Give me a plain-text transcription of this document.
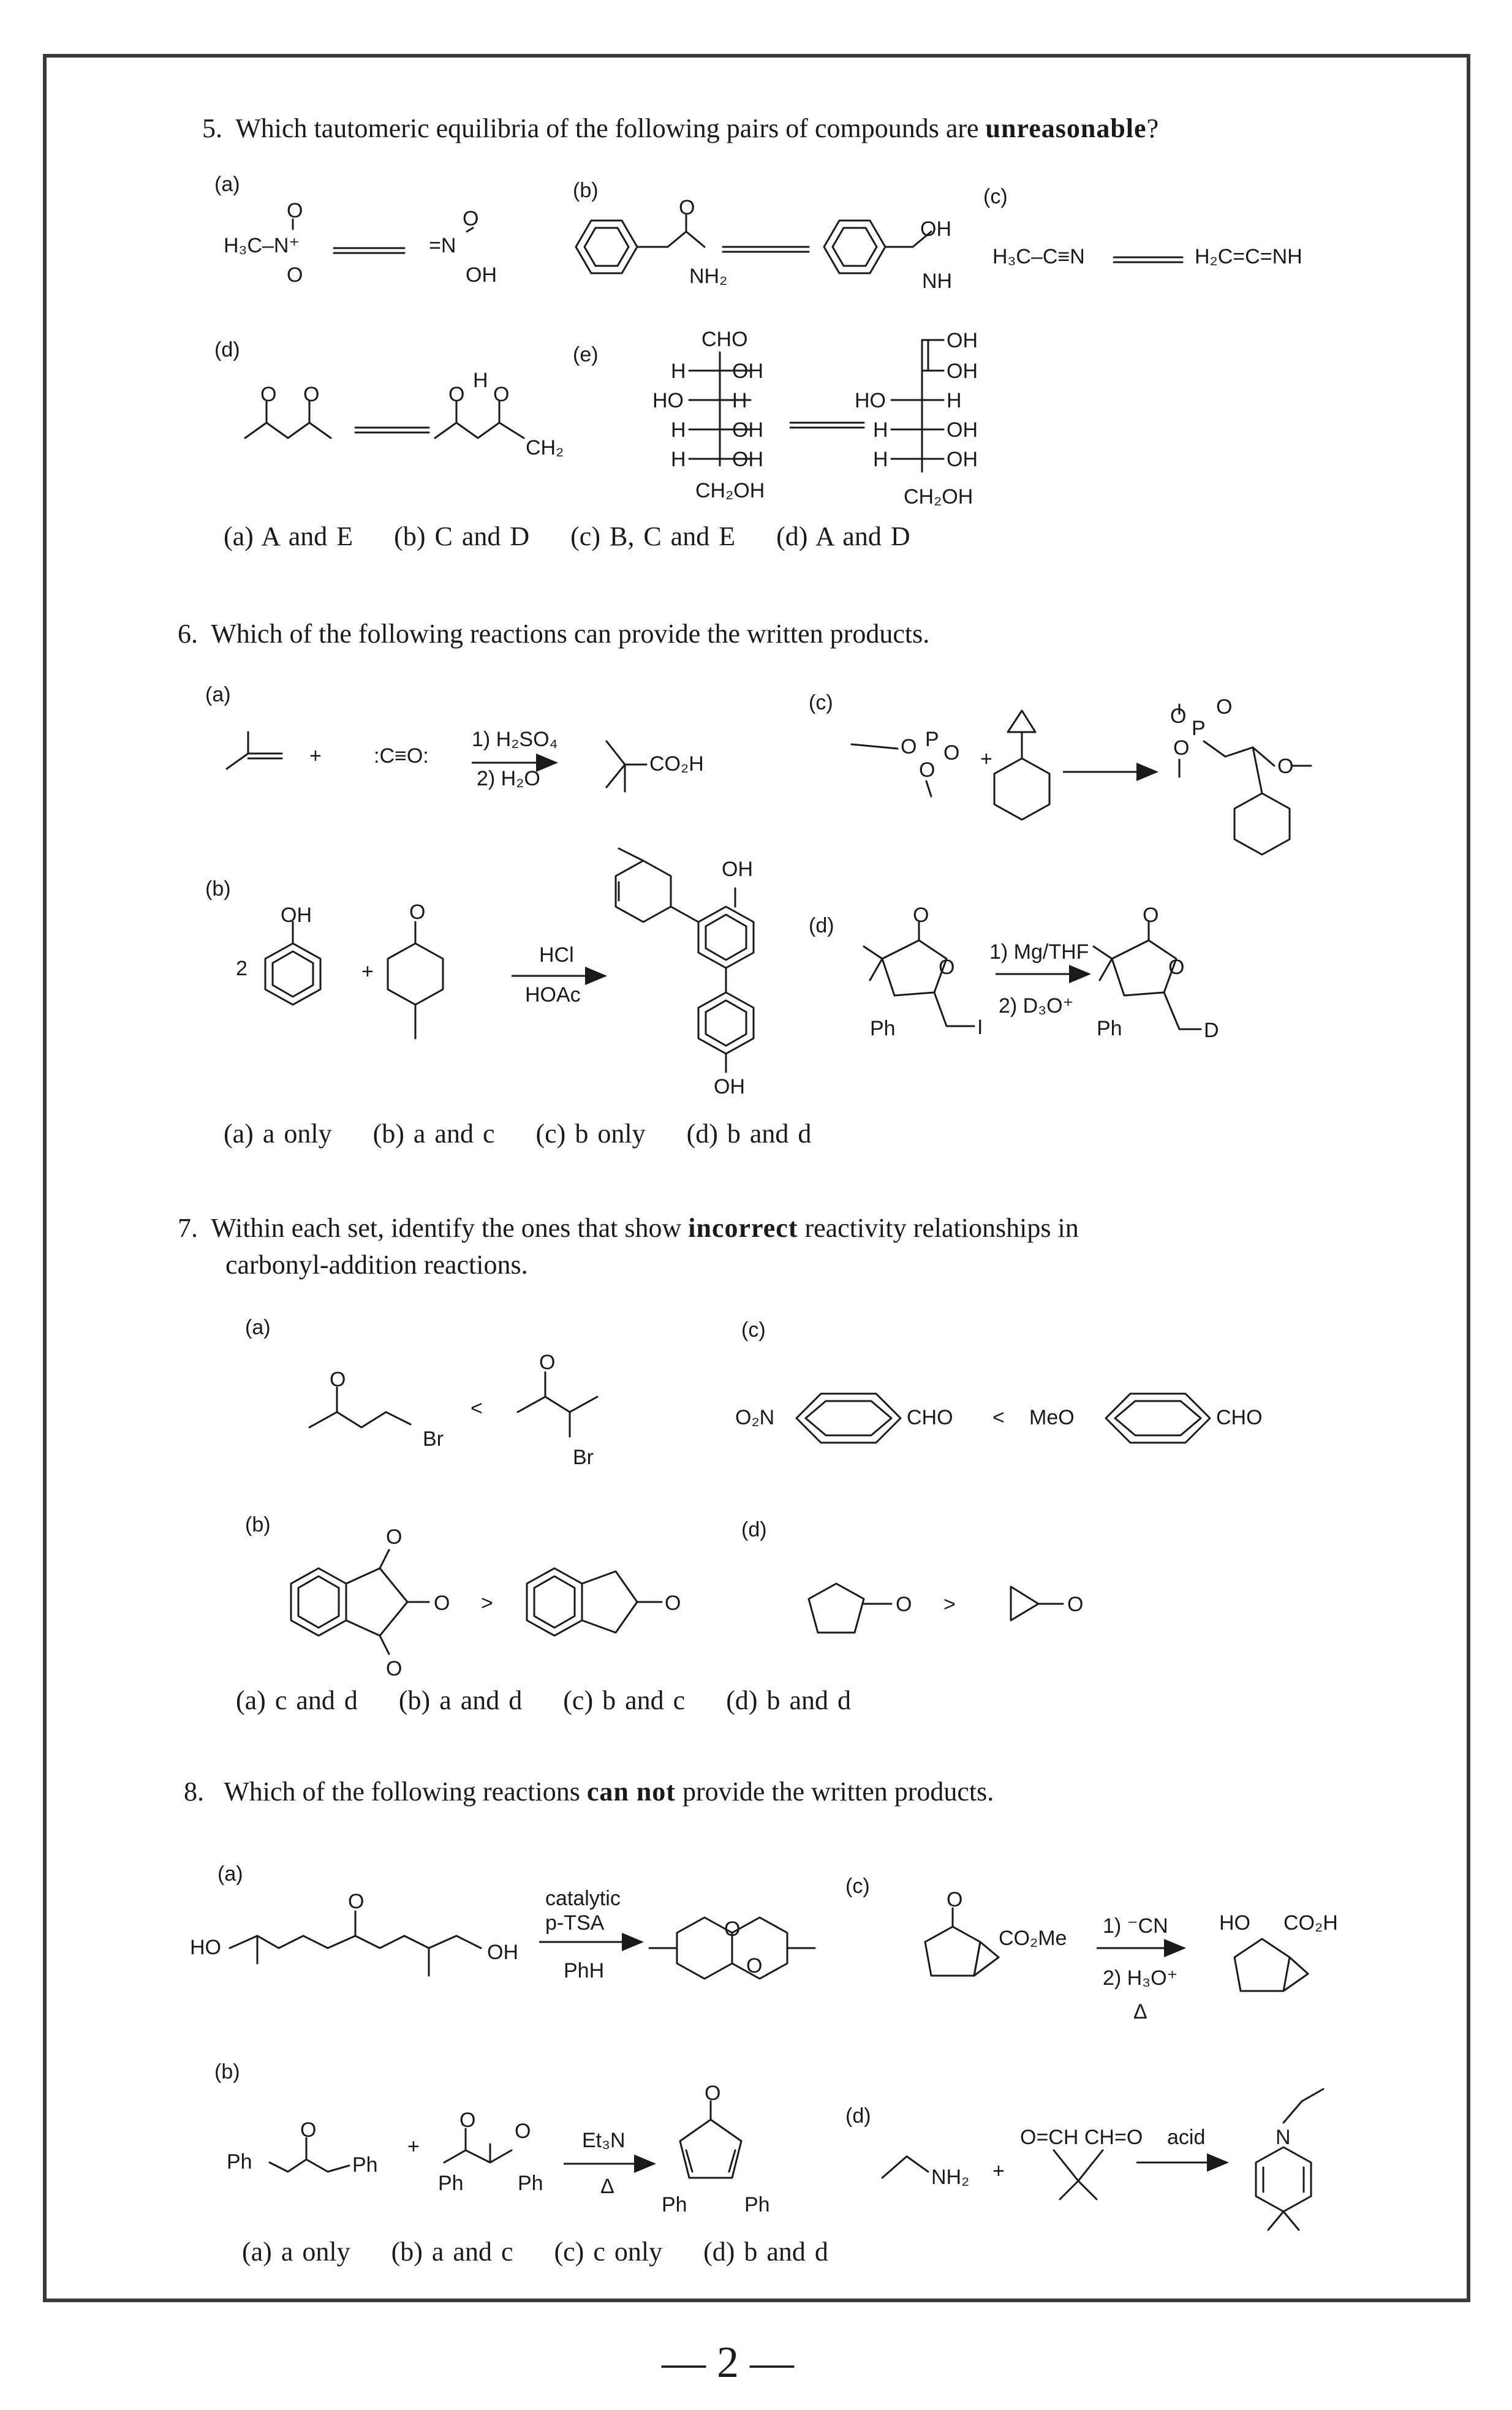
5. Which tautomeric equilibria of the following pairs of compounds are unreasonable?
(a)	(b)	(c)
(d)	(e)
H₃C–N⁺
O
O
=N
O
OH
O
NH₂
OH
NH
H₃C–C≡N	H₂C=C=NH
O O	O
H
O
CH₂
CHO
H OH
HO H
H OH
H OH
CH₂OH
OH
OH
HO	H
H	OH
H	OH
CH₂OH
+	:C≡O:
1) H₂SO₄
2) H₂O
CO₂H
P
O O
O +
P
O O
O
O
2
OH
+
O
HCl
HOAc
OH
OH
O
O
Ph	I
1) Mg/THF
2) D₃O⁺
O
O
Ph	D
O
Br
<
O
Br
O₂N	CHO < MeO	CHO
O
O
O >	O	O >	O
HO
O
OH
catalytic
p-TSA
PhH
O
O
O
CO₂Me
1) ⁻CN
2) H₃O⁺
Δ
HO CO₂H
Ph
O
Ph
+
O O
Ph	Ph
Et₃N
Δ
O
Ph	Ph
NH₂ +
O=CH CH=O acid	N
(a) A and E (b) C and D (c) B, C and E (d) A and D
6. Which of the following reactions can provide the written products.
(a)	(c)
(b)
(d)
(a) a only (b) a and c (c) b only (d) b and d
7. Within each set, identify the ones that show incorrect reactivity relationships in
carbonyl-addition reactions.
(a)	(c)
(b)	(d)
(a) c and d (b) a and d (c) b and c (d) b and d
8. Which of the following reactions can not provide the written products.
(a)
(c)
(b)
(d)
(a) a only (b) a and c (c) c only (d) b and d
— 2 —
